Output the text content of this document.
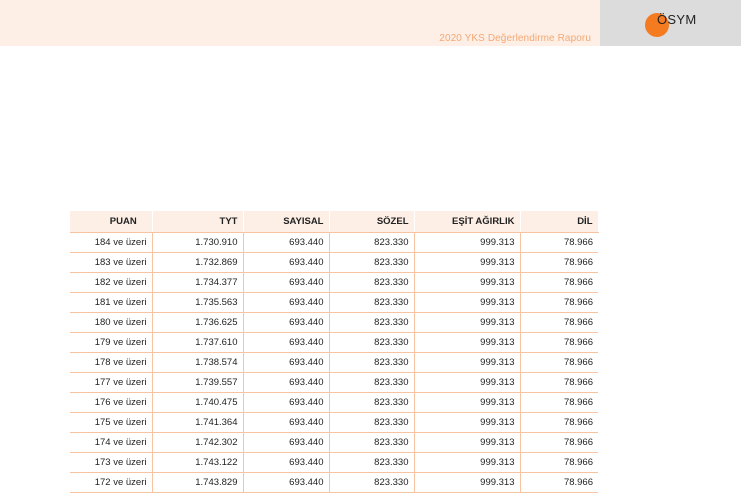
2020 YKS Değerlendirme Raporu
ÖSYM
PUAN	TYT	SAYISAL	SÖZEL	EŞİT AĞIRLIK	DİL
184 ve üzeri	1.730.910	693.440	823.330	999.313	78.966
183 ve üzeri	1.732.869	693.440	823.330	999.313	78.966
182 ve üzeri	1.734.377	693.440	823.330	999.313	78.966
181 ve üzeri	1.735.563	693.440	823.330	999.313	78.966
180 ve üzeri	1.736.625	693.440	823.330	999.313	78.966
179 ve üzeri	1.737.610	693.440	823.330	999.313	78.966
178 ve üzeri	1.738.574	693.440	823.330	999.313	78.966
177 ve üzeri	1.739.557	693.440	823.330	999.313	78.966
176 ve üzeri	1.740.475	693.440	823.330	999.313	78.966
175 ve üzeri	1.741.364	693.440	823.330	999.313	78.966
174 ve üzeri	1.742.302	693.440	823.330	999.313	78.966
173 ve üzeri	1.743.122	693.440	823.330	999.313	78.966
172 ve üzeri	1.743.829	693.440	823.330	999.313	78.966
